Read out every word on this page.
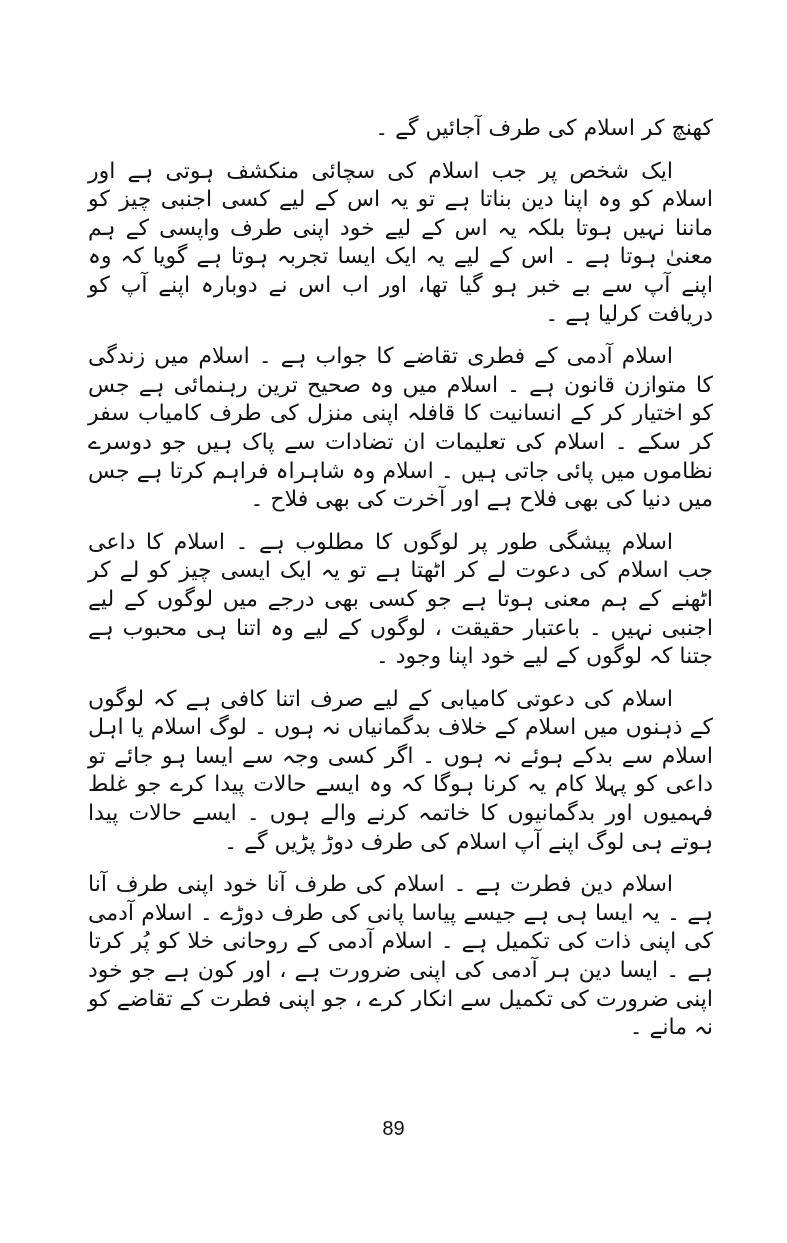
کھنچ کر اسلام کی طرف آجائیں گے ۔

ایک شخص پر جب اسلام کی سچائی منکشف ہوتی ہے اور اسلام کو وہ اپنا دین بناتا ہے تو یہ اس کے لیے کسی اجنبی چیز کو ماننا نہیں ہوتا بلکہ یہ اس کے لیے خود اپنی طرف واپسی کے ہم معنیٰ ہوتا ہے ۔ اس کے لیے یہ ایک ایسا تجربہ ہوتا ہے گویا کہ وہ اپنے آپ سے بے خبر ہو گیا تھا، اور اب اس نے دوبارہ اپنے آپ کو دریافت کرلیا ہے ۔

اسلام آدمی کے فطری تقاضے کا جواب ہے ۔ اسلام میں زندگی کا متوازن قانون ہے ۔ اسلام میں وہ صحیح ترین رہنمائی ہے جس کو اختیار کر کے انسانیت کا قافلہ اپنی منزل کی طرف کامیاب سفر کر سکے ۔ اسلام کی تعلیمات ان تضادات سے پاک ہیں جو دوسرے نظاموں میں پائی جاتی ہیں ۔ اسلام وہ شاہراہ فراہم کرتا ہے جس میں دنیا کی بھی فلاح ہے اور آخرت کی بھی فلاح ۔

اسلام پیشگی طور پر لوگوں کا مطلوب ہے ۔ اسلام کا داعی جب اسلام کی دعوت لے کر اٹھتا ہے تو یہ ایک ایسی چیز کو لے کر اٹھنے کے ہم معنی ہوتا ہے جو کسی بھی درجے میں لوگوں کے لیے اجنبی نہیں ۔ باعتبار حقیقت ، لوگوں کے لیے وہ اتنا ہی محبوب ہے جتنا کہ لوگوں کے لیے خود اپنا وجود ۔

اسلام کی دعوتی کامیابی کے لیے صرف اتنا کافی ہے کہ لوگوں کے ذہنوں میں اسلام کے خلاف بدگمانیاں نہ ہوں ۔ لوگ اسلام یا اہل اسلام سے بدکے ہوئے نہ ہوں ۔ اگر کسی وجہ سے ایسا ہو جائے تو داعی کو پہلا کام یہ کرنا ہوگا کہ وہ ایسے حالات پیدا کرے جو غلط فہمیوں اور بدگمانیوں کا خاتمہ کرنے والے ہوں ۔ ایسے حالات پیدا ہوتے ہی لوگ اپنے آپ اسلام کی طرف دوڑ پڑیں گے ۔

اسلام دین فطرت ہے ۔ اسلام کی طرف آنا خود اپنی طرف آنا ہے ۔ یہ ایسا ہی ہے جیسے پیاسا پانی کی طرف دوڑے ۔ اسلام آدمی کی اپنی ذات کی تکمیل ہے ۔ اسلام آدمی کے روحانی خلا کو پُر کرتا ہے ۔ ایسا دین ہر آدمی کی اپنی ضرورت ہے ، اور کون ہے جو خود اپنی ضرورت کی تکمیل سے انکار کرے ، جو اپنی فطرت کے تقاضے کو نہ مانے ۔

89
